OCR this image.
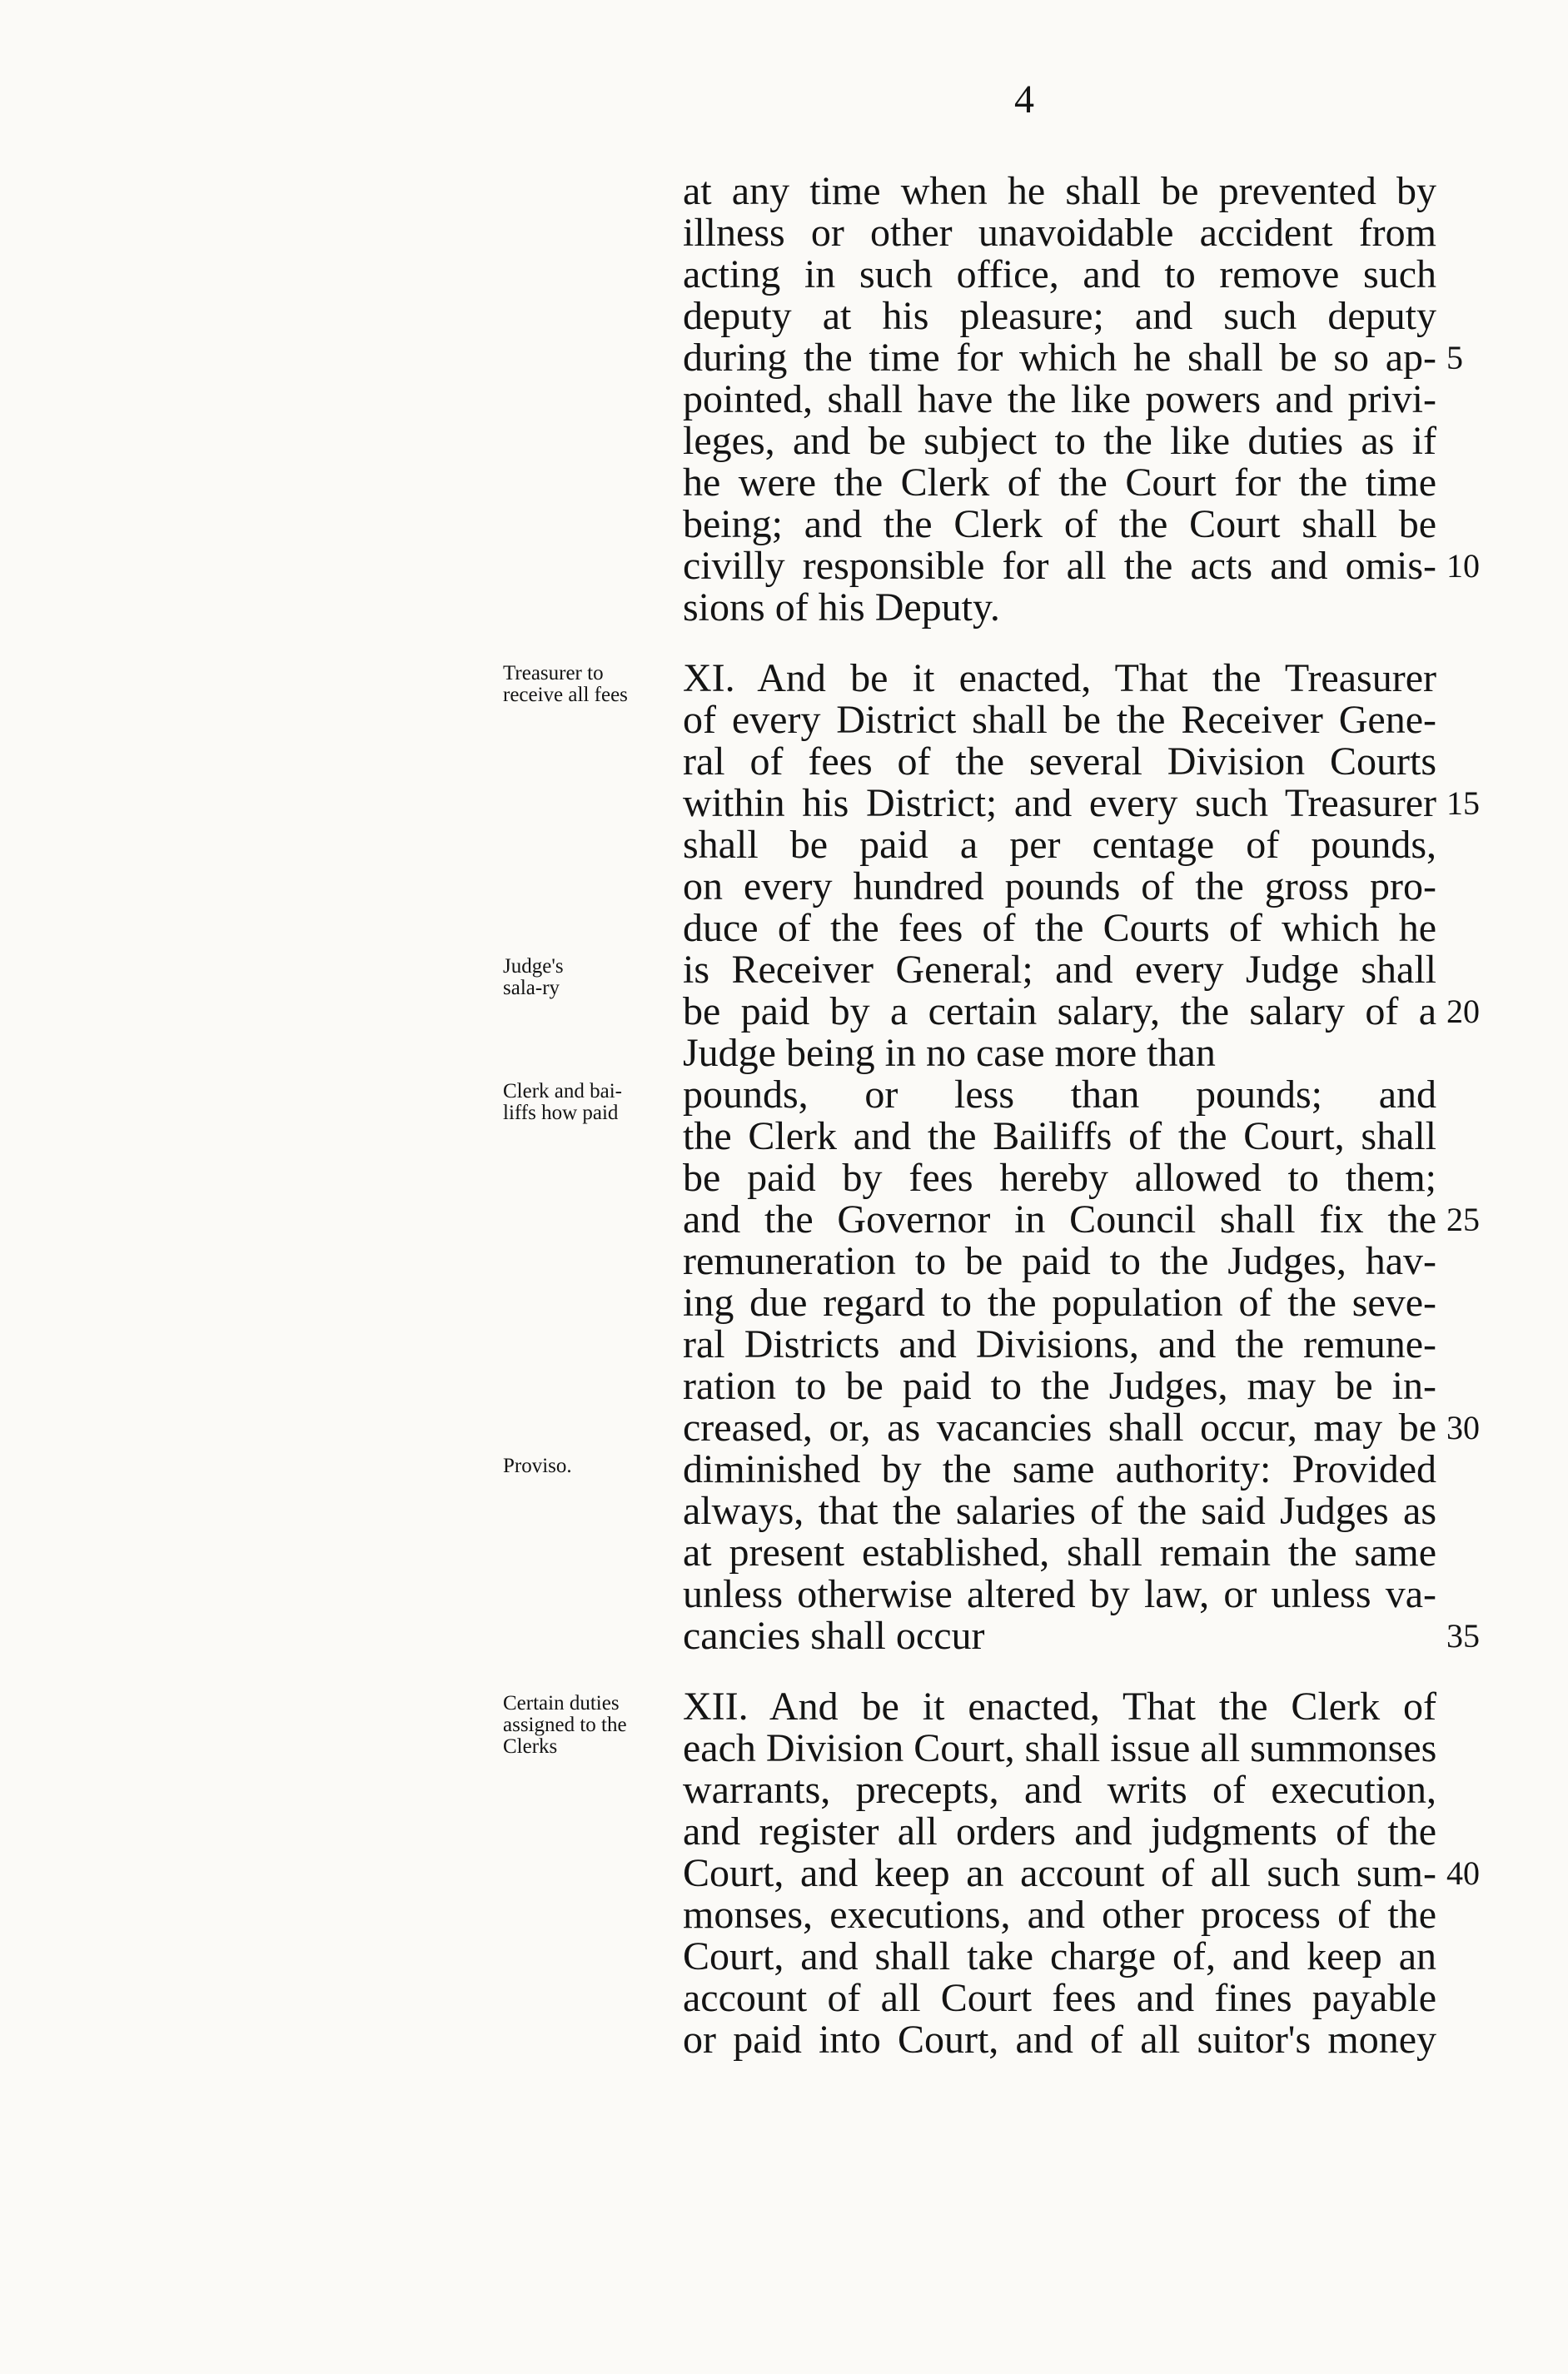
4
at any time when he shall be prevented by
illness or other unavoidable accident from
acting in such office, and to remove such
deputy at his pleasure; and such deputy
during the time for which he shall be so ap-
pointed, shall have the like powers and privi-
leges, and be subject to the like duties as if
he were the Clerk of the Court for the time
being; and the Clerk of the Court shall be
civilly responsible for all the acts and omis-
sions of his Deputy.
XI. And be it enacted, That the Treasurer
of every District shall be the Receiver Gene-
ral of fees of the several Division Courts
within his District; and every such Treasurer
shall be paid a per centage of pounds,
on every hundred pounds of the gross pro-
duce of the fees of the Courts of which he
is Receiver General; and every Judge shall
be paid by a certain salary, the salary of a
Judge being in no case more than
pounds, or less than pounds; and
the Clerk and the Bailiffs of the Court, shall
be paid by fees hereby allowed to them;
and the Governor in Council shall fix the
remuneration to be paid to the Judges, hav-
ing due regard to the population of the seve-
ral Districts and Divisions, and the remune-
ration to be paid to the Judges, may be in-
creased, or, as vacancies shall occur, may be
diminished by the same authority: Provided
always, that the salaries of the said Judges as
at present established, shall remain the same
unless otherwise altered by law, or unless va-
cancies shall occur
XII. And be it enacted, That the Clerk of
each Division Court, shall issue all summonses
warrants, precepts, and writs of execution,
and register all orders and judgments of the
Court, and keep an account of all such sum-
monses, executions, and other process of the
Court, and shall take charge of, and keep an
account of all Court fees and fines payable
or paid into Court, and of all suitor's money
5
10
15
20
25
30
35
40
Treasurer to receive all fees
Judge's sala-ry
Clerk and bai-liffs how paid
Proviso.
Certain duties assigned to the Clerks
